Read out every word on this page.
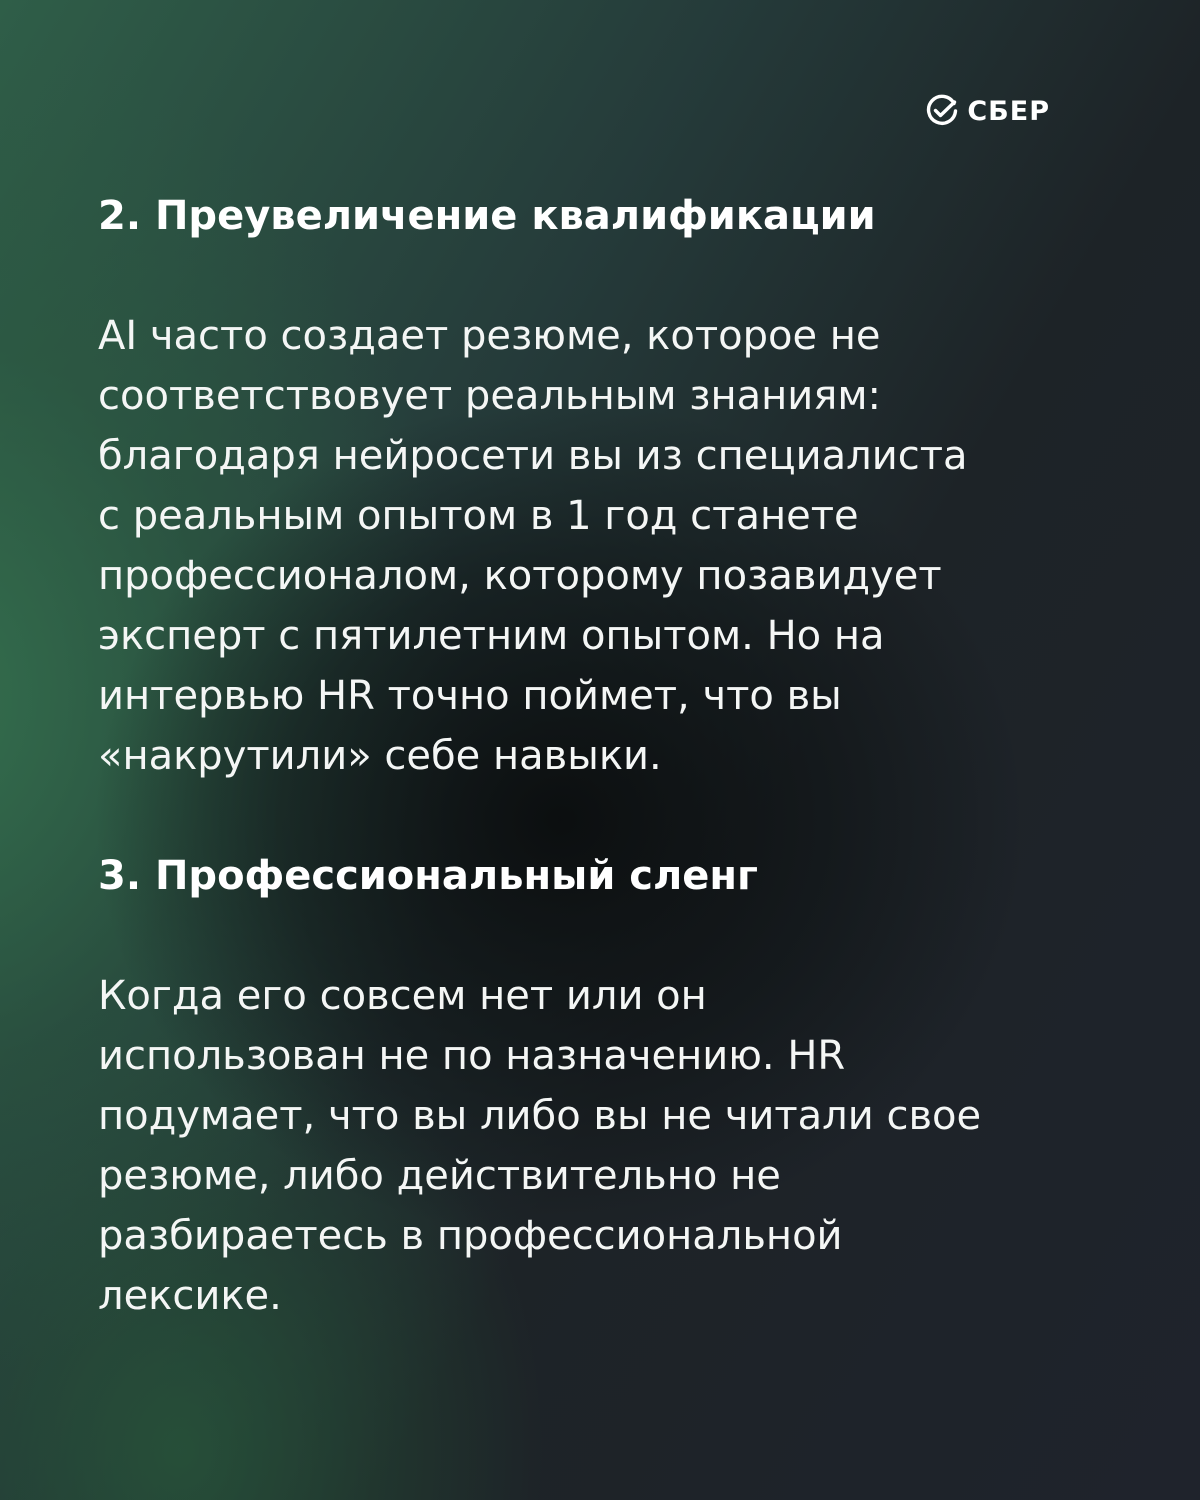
СБЕР
2. Преувеличение квалификации

AI часто создает резюме, которое не
соответствовует реальным знаниям:
благодаря нейросети вы из специалиста
с реальным опытом в 1 год станете
профессионалом, которому позавидует
эксперт с пятилетним опытом. Но на
интервью HR точно поймет, что вы
«накрутили» себе навыки.

3. Профессиональный сленг

Когда его совсем нет или он
использован не по назначению. HR
подумает, что вы либо вы не читали свое
резюме, либо действительно не
разбираетесь в профессиональной
лексике.
